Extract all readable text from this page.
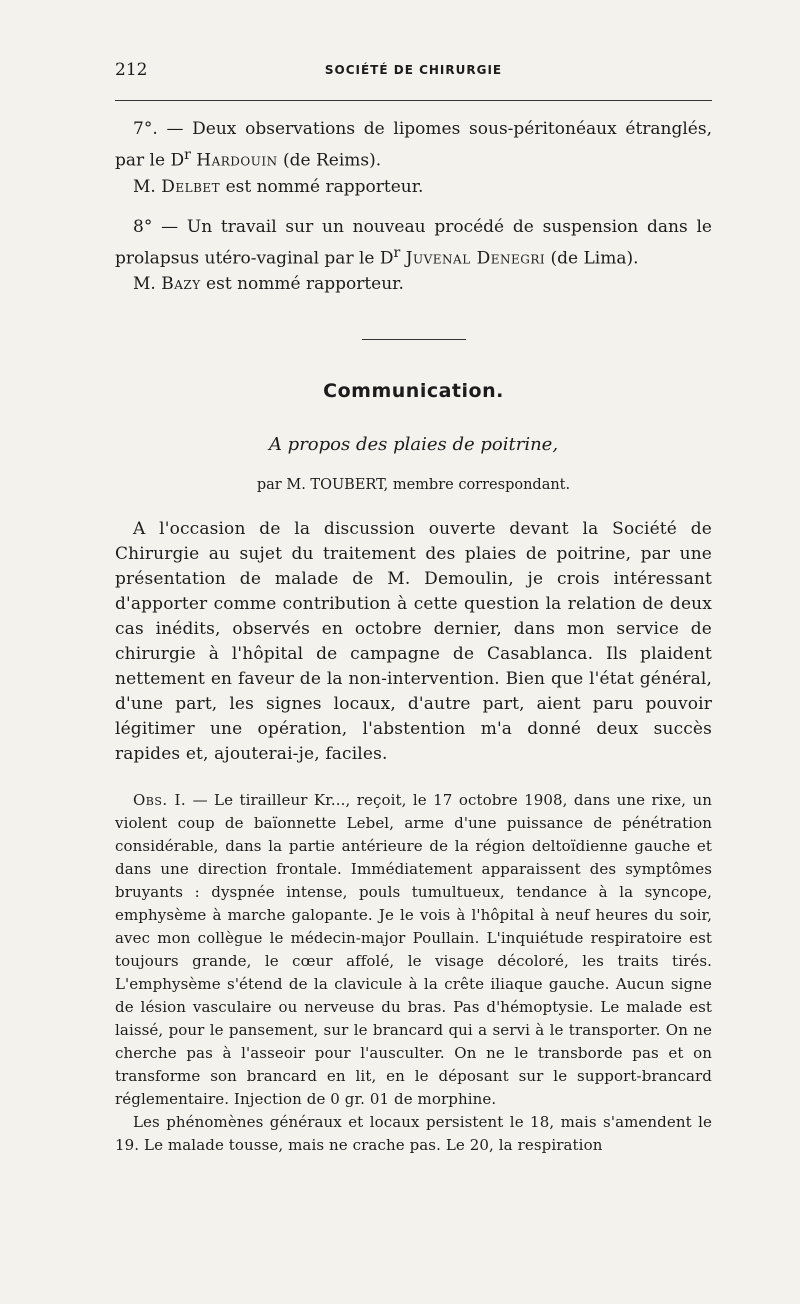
212	SOCIÉTÉ DE CHIRURGIE

7°. — Deux observations de lipomes sous-péritonéaux étranglés, par le $D^r$ Hardouin (de Reims).

M. Delbet est nommé rapporteur.

8° — Un travail sur un nouveau procédé de suspension dans le prolapsus utéro-vaginal par le $D^r$ Juvenal Denegri (de Lima).

M. Bazy est nommé rapporteur.

Communication.
A propos des plaies de poitrine,
par M. TOUBERT, membre correspondant.

A l'occasion de la discussion ouverte devant la Société de Chirurgie au sujet du traitement des plaies de poitrine, par une présentation de malade de M. Demoulin, je crois intéressant d'apporter comme contribution à cette question la relation de deux cas inédits, observés en octobre dernier, dans mon service de chirurgie à l'hôpital de campagne de Casablanca. Ils plaident nettement en faveur de la non-intervention. Bien que l'état général, d'une part, les signes locaux, d'autre part, aient paru pouvoir légitimer une opération, l'abstention m'a donné deux succès rapides et, ajouterai-je, faciles.

Obs. I. — Le tirailleur Kr..., reçoit, le 17 octobre 1908, dans une rixe, un violent coup de baïonnette Lebel, arme d'une puissance de pénétration considérable, dans la partie antérieure de la région deltoïdienne gauche et dans une direction frontale. Immédiatement apparaissent des symptômes bruyants : dyspnée intense, pouls tumultueux, tendance à la syncope, emphysème à marche galopante. Je le vois à l'hôpital à neuf heures du soir, avec mon collègue le médecin-major Poullain. L'inquiétude respiratoire est toujours grande, le cœur affolé, le visage décoloré, les traits tirés. L'emphysème s'étend de la clavicule à la crête iliaque gauche. Aucun signe de lésion vasculaire ou nerveuse du bras. Pas d'hémoptysie. Le malade est laissé, pour le pansement, sur le brancard qui a servi à le transporter. On ne cherche pas à l'asseoir pour l'ausculter. On ne le transborde pas et on transforme son brancard en lit, en le déposant sur le support-brancard réglementaire. Injection de 0 gr. 01 de morphine.

Les phénomènes généraux et locaux persistent le 18, mais s'amendent le 19. Le malade tousse, mais ne crache pas. Le 20, la respiration
